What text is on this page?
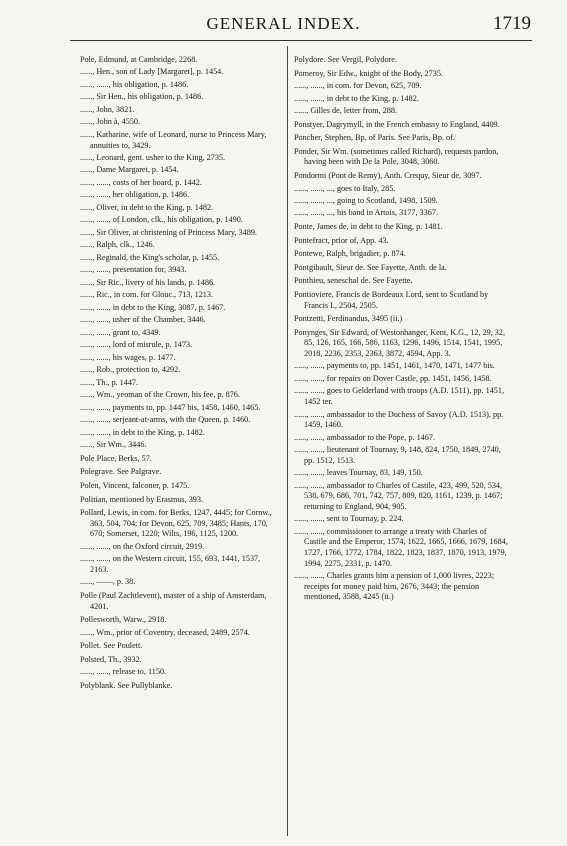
GENERAL INDEX.	1719
Pole, Edmund, at Cambridge, 2268.
......, Hen., son of Lady [Margaret], p. 1454.
......, ......, his obligation, p. 1486.
......, Sir Hen., his obligation, p. 1486.
......, John, 3821.
......, John à, 4550.
......, Katharine, wife of Leonard, nurse to Princess Mary, annuities to, 3429.
......, Leonard, gent. usher to the King, 2735.
......, Dame Margaret, p. 1454.
......, ......, costs of her board, p. 1442.
......, ......, her obligation, p. 1486.
......, Oliver, in debt to the King, p. 1482.
......, ......, of London, clk., his obligation, p. 1490.
......, Sir Oliver, at christening of Princess Mary, 3489.
......, Ralph, clk., 1246.
......, Reginald, the King's scholar, p. 1455.
......, ......, presentation for, 3943.
......, Sir Ric., livery of his lands, p. 1486.
......, Ric., in com. for Glouc., 713, 1213.
......, ......, in debt to the King, 3087, p. 1467.
......, ......, usher of the Chamber, 3446.
......, ......, grant to, 4349.
......, ......, lord of misrule, p. 1473.
......, ......, his wages, p. 1477.
......, Rob., protection to, 4292.
......, Th., p. 1447.
......, Wm., yeoman of the Crown, his fee, p. 876.
......, ......, payments to, pp. 1447 bis, 1458, 1460, 1465.
......, ......, serjeant-at-arms, with the Queen, p. 1460.
......, ......, in debt to the King, p. 1482.
......, Sir Wm., 3446.
Pole Place, Berks, 57.
Polegrave. See Palgrave.
Polen, Vincent, falconer, p. 1475.
Politian, mentioned by Erasmus, 393.
Pollard, Lewis, in com. for Berks, 1247, 4445; for Cornw., 363, 504, 704; for Devon, 625, 709, 3485; Hants, 170, 670; Somerset, 1220; Wilts, 196, 1125, 1200.
......, ......, on the Oxford circuit, 2919.
......, ......, on the Western circuit, 155, 693, 1441, 1537, 2163.
......, ——, p. 38.
Polle (Paul Zachtlevent), master of a ship of Amsterdam, 4201.
Pollesworth, Warw., 2918.
......, Wm., prior of Coventry, deceased, 2489, 2574.
Pollet. See Poulett.
Polsted, Th., 3932.
......, ......, release to, 1150.
Polyblank. See Pullyblanke.
Polydore. See Vergil, Polydore.
Pomeroy, Sir Edw., knight of the Body, 2735.
......, ......, in com. for Devon, 625, 709.
......, ......, in debt to the King, p. 1482.
......, Gilles de, letter from, 288.
Ponstyer, Dagrymyll, in the French embassy to England, 4409.
Poncher, Stephen, Bp. of Paris. See Paris, Bp. of.
Ponder, Sir Wm. (sometimes called Richard), requests pardon, having been with De la Pole, 3048, 3060.
Pondormi (Pont de Remy), Anth. Crequy, Sieur de, 3097.
......, ......, ..., goes to Italy, 285.
......, ......, ..., going to Scotland, 1498, 1509.
......, ......, ..., his band in Artois, 3177, 3367.
Ponte, James de, in debt to the King, p. 1481.
Pontefract, prior of, App. 43.
Pontewe, Ralph, brigadier, p. 874.
Pontgibault, Sieur de. See Fayette, Anth. de la.
Ponthieu, seneschal de. See Fayette.
Pontioviere, Francis de Bordeaux Lord, sent to Scotland by Francis I., 2504, 2505.
Pontzetti, Ferdinandus, 3495 (ii.)
Ponynges, Sir Edward, of Westonhanger, Kent, K.G., 12, 29, 32, 85, 126, 165, 166, 586, 1163, 1296, 1496, 1514, 1541, 1995, 2018, 2236, 2353, 2363, 3872, 4594, App. 3.
......, ......, payments to, pp. 1451, 1461, 1470, 1471, 1477 bis.
......, ......, for repairs on Dover Castle, pp. 1451, 1456, 1458.
......, ......, goes to Gelderland with troops (A.D. 1511), pp. 1451, 1452 ter.
......, ......, ambassador to the Duchess of Savoy (A.D. 1513), pp. 1459, 1460.
......, ......, ambassador to the Pope, p. 1467.
......, ......, lieutenant of Tournay, 9, 148, 824, 1750, 1849, 2740, pp. 1512, 1513.
......, ......, leaves Tournay, 83, 149, 150.
......, ......, ambassador to Charles of Castile, 423, 499, 520, 534, 538, 679, 686, 701, 742, 757, 809, 820, 1161, 1239, p. 1467; returning to England, 904, 905.
......, ......, sent to Tournay, p. 224.
......, ......, commissioner to arrange a treaty with Charles of Castile and the Emperor, 1574, 1622, 1665, 1666, 1679, 1684, 1727, 1766, 1772, 1784, 1822, 1823, 1837, 1870, 1913, 1979, 1994, 2275, 2331, p. 1470.
......, ......, Charles grants him a pension of 1,000 livres, 2223; receipts for money paid him, 2676, 3443; the pension mentioned, 3588, 4245 (ii.)
